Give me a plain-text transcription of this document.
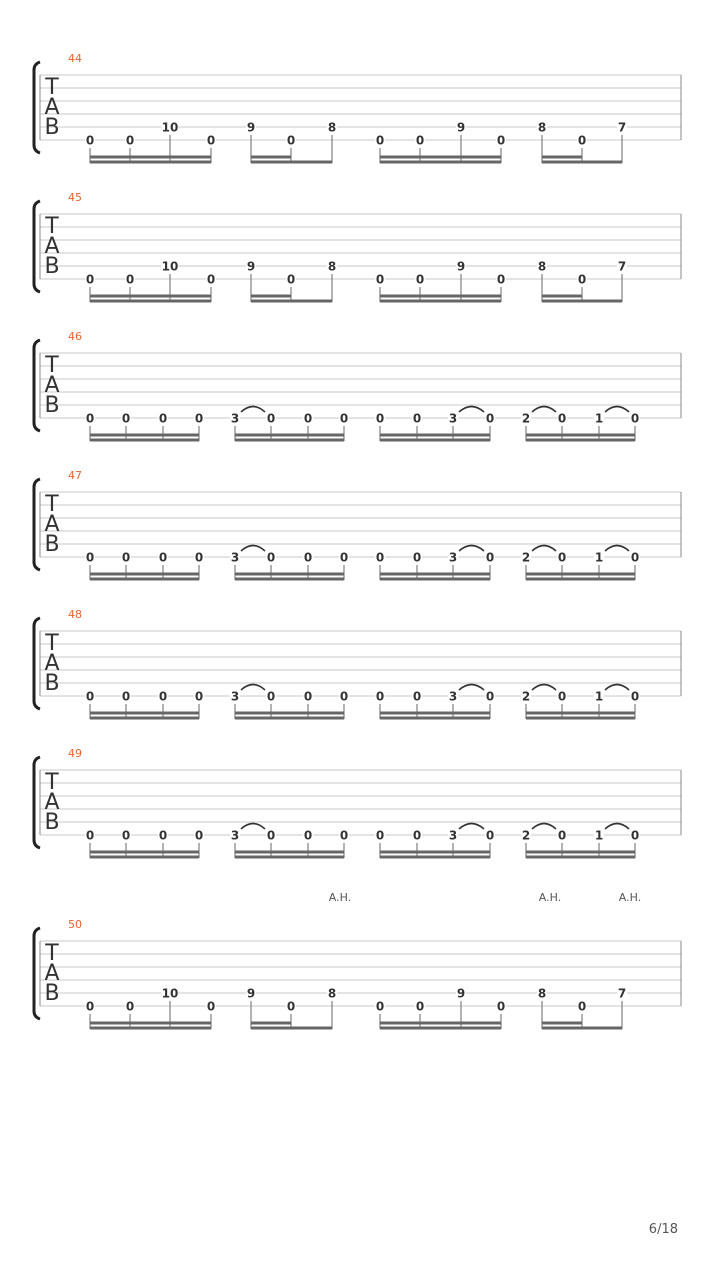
T
A
B
44
0	0
10
0
9
0
8
0	0
9
0
8
0
7
T
A
B
45
0	0
10
0
9
0
8
0	0
9
0
8
0
7
T
A
B
46
0 0 0 0 3 0 0 0 0 0 3 0 2 0 1 0
T
A
B
47
0 0 0 0 3 0 0 0 0 0 3 0 2 0 1 0
T
A
B
48
0 0 0 0 3 0 0 0 0 0 3 0 2 0 1 0
T
A
B
49
0 0 0 0 3 0 0 0 0 0 3 0 2 0 1 0
T
A
B
50
0	0
10
0
9
0
8
0	0
9
0
8
0
7
A.H.	A.H.	A.H.
6/18
